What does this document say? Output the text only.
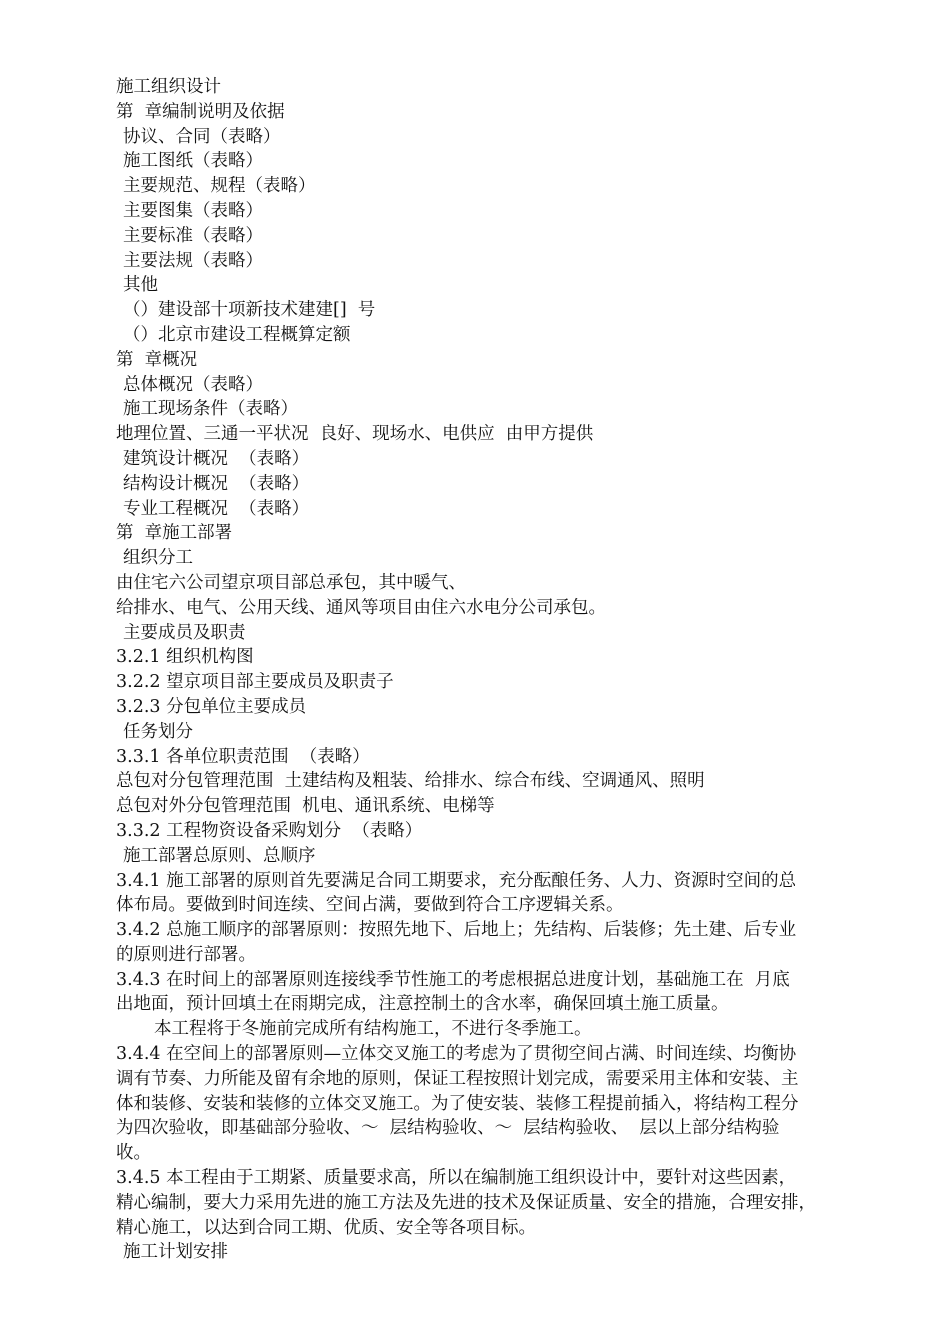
施工组织设计
第  章编制说明及依据
协议、合同（表略）
施工图纸（表略）
主要规范、规程（表略）
主要图集（表略）
主要标准（表略）
主要法规（表略）
其他
（）建设部十项新技术建建[]  号
（）北京市建设工程概算定额
第  章概况
总体概况（表略）
施工现场条件（表略）
地理位置、三通一平状况  良好、现场水、电供应  由甲方提供
建筑设计概况  （表略）
结构设计概况  （表略）
专业工程概况  （表略）
第  章施工部署
组织分工
由住宅六公司望京项目部总承包，其中暖气、
给排水、电气、公用天线、通风等项目由住六水电分公司承包。
主要成员及职责
3.2.1 组织机构图
3.2.2 望京项目部主要成员及职责子
3.2.3 分包单位主要成员
任务划分
3.3.1 各单位职责范围  （表略）
总包对分包管理范围  土建结构及粗装、给排水、综合布线、空调通风、照明
总包对外分包管理范围  机电、通讯系统、电梯等
3.3.2 工程物资设备采购划分  （表略）
施工部署总原则、总顺序
3.4.1 施工部署的原则首先要满足合同工期要求，充分酝酿任务、人力、资源时空间的总
体布局。要做到时间连续、空间占满，要做到符合工序逻辑关系。
3.4.2 总施工顺序的部署原则：按照先地下、后地上；先结构、后装修；先土建、后专业
的原则进行部署。
3.4.3 在时间上的部署原则连接线季节性施工的考虑根据总进度计划，基础施工在  月底
出地面，预计回填土在雨期完成，注意控制土的含水率，确保回填土施工质量。
本工程将于冬施前完成所有结构施工，不进行冬季施工。
3.4.4 在空间上的部署原则—立体交叉施工的考虑为了贯彻空间占满、时间连续、均衡协
调有节奏、力所能及留有余地的原则，保证工程按照计划完成，需要采用主体和安装、主
体和装修、安装和装修的立体交叉施工。为了使安装、装修工程提前插入，将结构工程分
为四次验收，即基础部分验收、～  层结构验收、～  层结构验收、  层以上部分结构验
收。
3.4.5 本工程由于工期紧、质量要求高，所以在编制施工组织设计中，要针对这些因素，
精心编制，要大力采用先进的施工方法及先进的技术及保证质量、安全的措施，合理安排，
精心施工，以达到合同工期、优质、安全等各项目标。
施工计划安排
